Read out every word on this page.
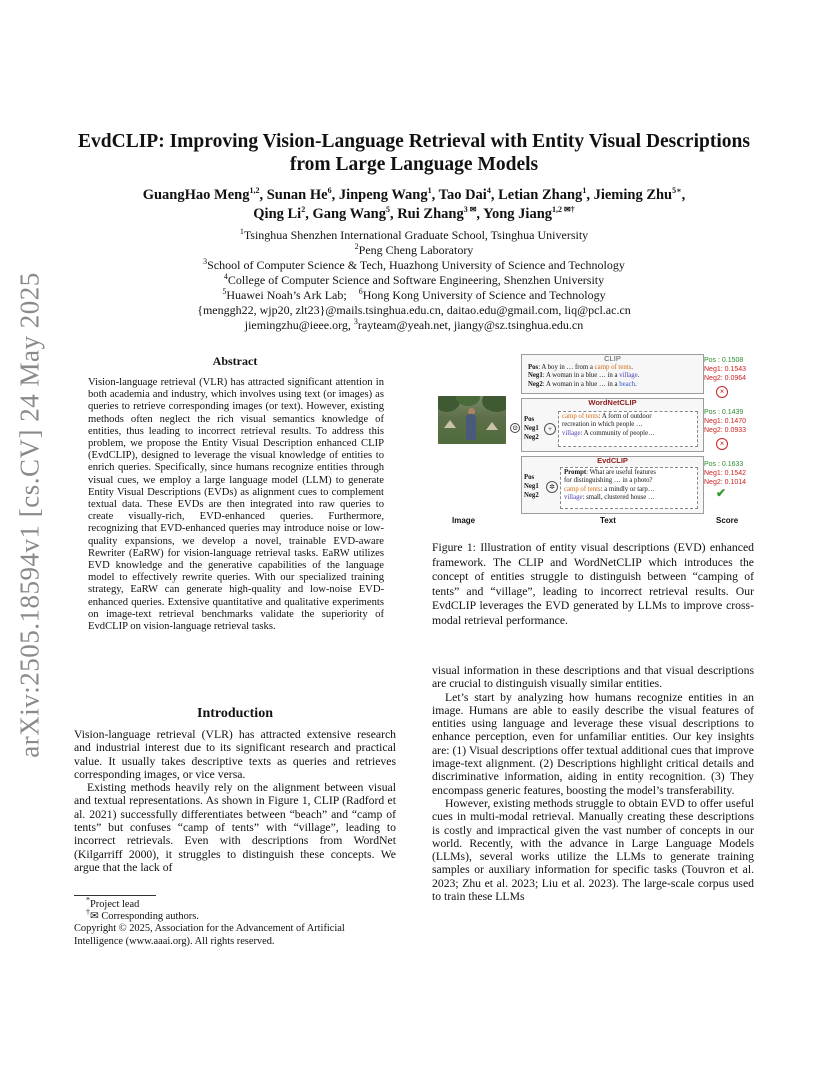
arXiv:2505.18594v1 [cs.CV] 24 May 2025
EvdCLIP: Improving Vision-Language Retrieval with Entity Visual Descriptions from Large Language Models
GuangHao Meng$^{1,2}$, Sunan He$^6$, Jinpeng Wang$^1$, Tao Dai$^4$, Letian Zhang$^1$, Jieming Zhu$^{5∗}$,
Qing Li$^2$, Gang Wang$^5$, Rui Zhang$^{3 ✉}$, Yong Jiang$^{1,2 ✉\dagger}$
$^1$Tsinghua Shenzhen International Graduate School, Tsinghua University
$^2$Peng Cheng Laboratory
$^3$School of Computer Science & Tech, Huazhong University of Science and Technology
$^4$College of Computer Science and Software Engineering, Shenzhen University
$^5$Huawei Noah’s Ark Lab; $^6$Hong Kong University of Science and Technology
{menggh22, wjp20, zlt23}@mails.tsinghua.edu.cn, daitao.edu@gmail.com, liq@pcl.ac.cn
jiemingzhu@ieee.org, $^3$rayteam@yeah.net, jiangy@sz.tsinghua.edu.cn
Abstract
Vision-language retrieval (VLR) has attracted significant attention in both academia and industry, which involves using text (or images) as queries to retrieve corresponding images (or text). However, existing methods often neglect the rich visual semantics knowledge of entities, thus leading to incorrect retrieval results. To address this problem, we propose the Entity Visual Description enhanced CLIP (EvdCLIP), designed to leverage the visual knowledge of entities to enrich queries. Specifically, since humans recognize entities through visual cues, we employ a large language model (LLM) to generate Entity Visual Descriptions (EVDs) as alignment cues to complement textual data. These EVDs are then integrated into raw queries to create visually-rich, EVD-enhanced queries. Furthermore, recognizing that EVD-enhanced queries may introduce noise or low-quality expansions, we develop a novel, trainable EVD-aware Rewriter (EaRW) for vision-language retrieval tasks. EaRW utilizes EVD knowledge and the generative capabilities of the language model to effectively rewrite queries. With our specialized training strategy, EaRW can generate high-quality and low-noise EVD-enhanced queries. Extensive quantitative and qualitative experiments on image-text retrieval benchmarks validate the superiority of EvdCLIP on vision-language retrieval tasks.
Introduction

Vision-language retrieval (VLR) has attracted extensive research and industrial interest due to its significant research and practical value. It usually takes descriptive texts as queries and retrieves corresponding images, or vice versa.

Existing methods heavily rely on the alignment between visual and textual representations. As shown in Figure 1, CLIP (Radford et al. 2021) successfully differentiates between “beach” and “camp of tents” but confuses “camp of tents” with “village”, leading to incorrect retrievals. Even with descriptions from WordNet (Kilgarriff 2000), it struggles to distinguish these concepts. We argue that the lack of

*Project lead
†✉ Corresponding authors.
Copyright © 2025, Association for the Advancement of Artificial Intelligence (www.aaai.org). All rights reserved.
⊙
CLIP
Pos: A boy in … from a camp of tents.
Neg1: A woman in a blue … in a village.
Neg2: A woman in a blue … in a beach.
WordNetCLIP
Pos
Neg1
Neg2
+
camp of tents: A form of outdoor
recreation in which people …
village: A community of people…
EvdCLIP
Pos
Neg1
Neg2
✲
Prompt: What are useful features
for distinguishing … in a photo?
camp of tents: a mindly or tarp…
village: small, clustered house …
Pos : 0.1508
Neg1: 0.1543
Neg2: 0.0964
×
Pos : 0.1439
Neg1: 0.1470
Neg2: 0.0933
×
Pos : 0.1633
Neg1: 0.1542
Neg2: 0.1014
✔
Image	Text	Score
Figure 1: Illustration of entity visual descriptions (EVD) enhanced framework. The CLIP and WordNetCLIP which introduces the concept of entities struggle to distinguish between “camping of tents” and “village”, leading to incorrect retrieval results. Our EvdCLIP leverages the EVD generated by LLMs to improve cross-modal retrieval performance.

visual information in these descriptions and that visual descriptions are crucial to distinguish visually similar entities.

Let’s start by analyzing how humans recognize entities in an image. Humans are able to easily describe the visual features of entities using language and leverage these visual descriptions to enhance perception, even for unfamiliar entities. Our key insights are: (1) Visual descriptions offer textual additional cues that improve image-text alignment. (2) Descriptions highlight critical details and discriminative information, aiding in entity recognition. (3) They encompass generic features, boosting the model’s transferability.

However, existing methods struggle to obtain EVD to offer useful cues in multi-modal retrieval. Manually creating these descriptions is costly and impractical given the vast number of concepts in our world. Recently, with the advance in Large Language Models (LLMs), several works utilize the LLMs to generate training samples or auxiliary information for specific tasks (Touvron et al. 2023; Zhu et al. 2023; Liu et al. 2023). The large-scale corpus used to train these LLMs
